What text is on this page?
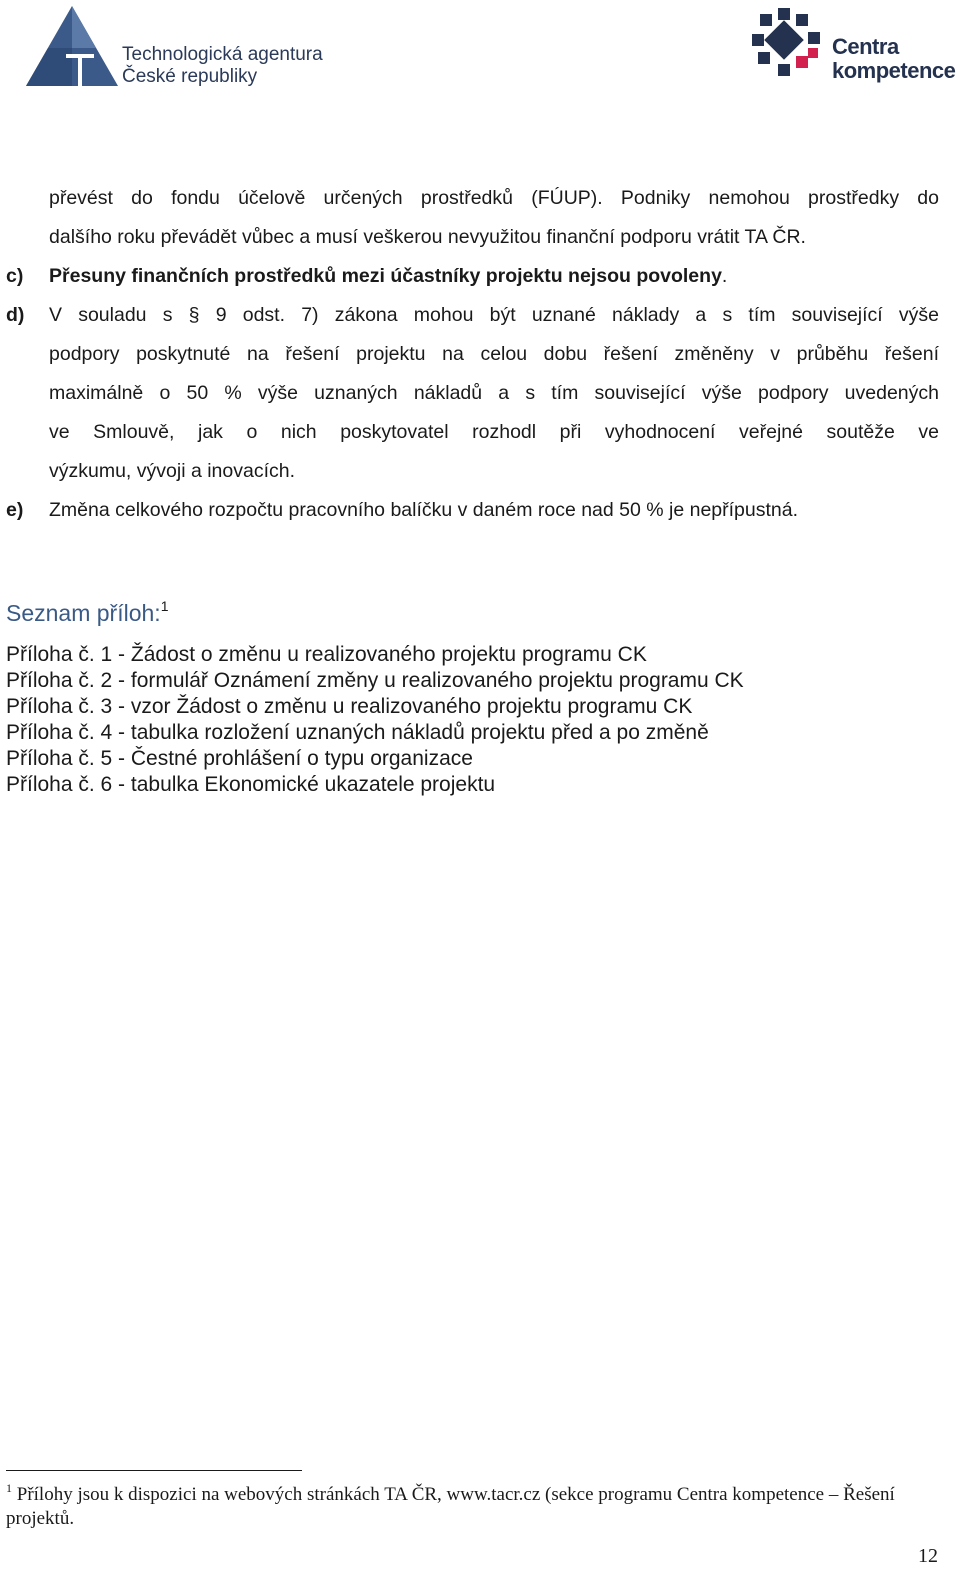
Technologická agentura
České republiky
Centra
kompetence
převést do fondu účelově určených prostředků (FÚUP). Podniky nemohou prostředky do
dalšího roku převádět vůbec a musí veškerou nevyužitou finanční podporu vrátit TA ČR.
c) Přesuny finančních prostředků mezi účastníky projektu nejsou povoleny.
d) V souladu s § 9 odst. 7) zákona mohou být uznané náklady a s tím související výše
podpory poskytnuté na řešení projektu na celou dobu řešení změněny v průběhu řešení
maximálně o 50 % výše uznaných nákladů a s tím související výše podpory uvedených
ve Smlouvě, jak o nich poskytovatel rozhodl při vyhodnocení veřejné soutěže ve
výzkumu, vývoji a inovacích.
e) Změna celkového rozpočtu pracovního balíčku v daném roce nad 50 % je nepřípustná.
Seznam příloh:$^1$
Příloha č. 1 - Žádost o změnu u realizovaného projektu programu CK
Příloha č. 2 - formulář Oznámení změny u realizovaného projektu programu CK
Příloha č. 3 - vzor Žádost o změnu u realizovaného projektu programu CK
Příloha č. 4 - tabulka rozložení uznaných nákladů projektu před a po změně
Příloha č. 5 - Čestné prohlášení o typu organizace
Příloha č. 6 - tabulka Ekonomické ukazatele projektu
$^1$ Přílohy jsou k dispozici na webových stránkách TA ČR, www.tacr.cz (sekce programu Centra kompetence – Řešení projektů.
12
